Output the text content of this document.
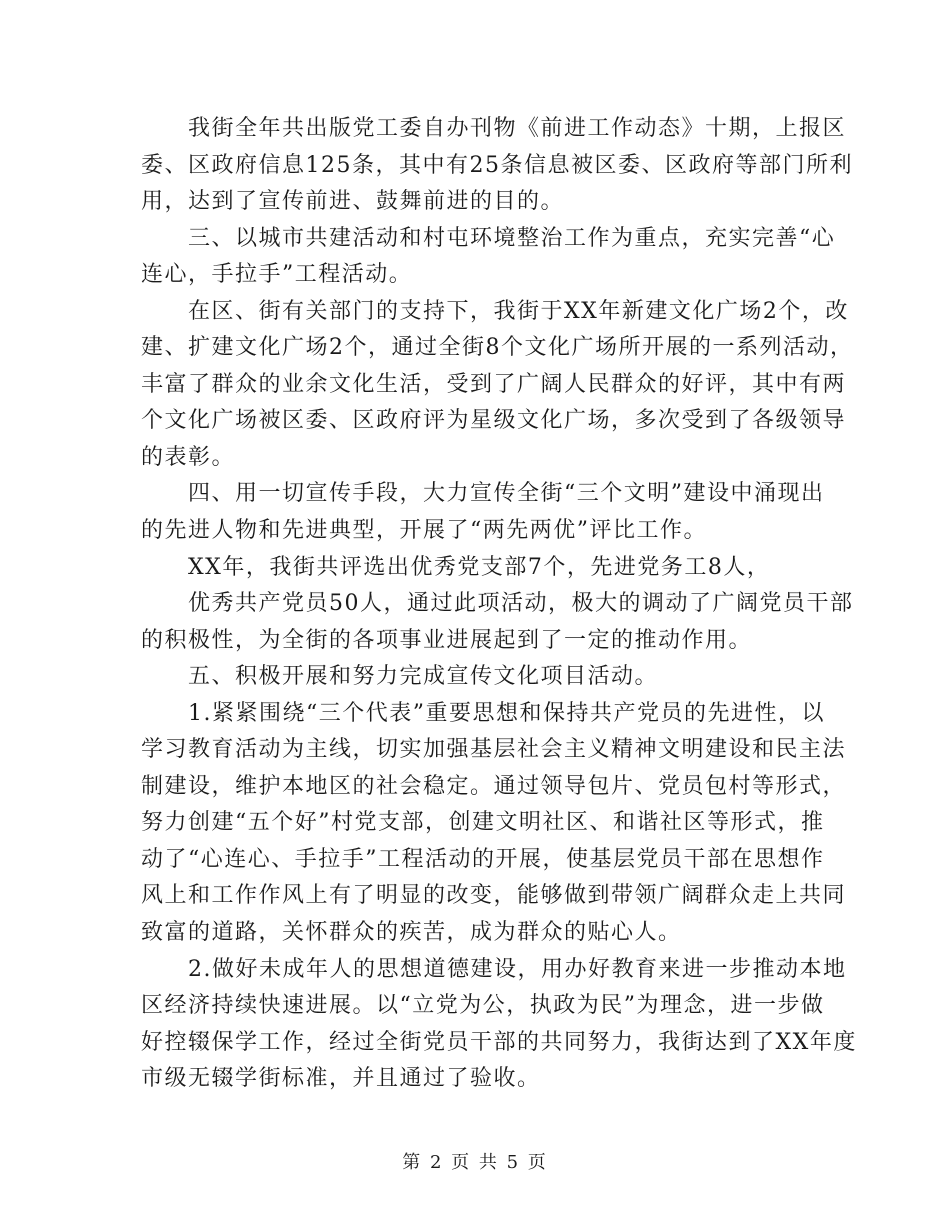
我街全年共出版党工委自办刊物《前进工作动态》十期，上报区
委、区政府信息125条，其中有25条信息被区委、区政府等部门所利
用，达到了宣传前进、鼓舞前进的目的。
三、以城市共建活动和村屯环境整治工作为重点，充实完善“心
连心，手拉手”工程活动。
在区、街有关部门的支持下，我街于XX年新建文化广场2个，改
建、扩建文化广场2个，通过全街8个文化广场所开展的一系列活动，
丰富了群众的业余文化生活，受到了广阔人民群众的好评，其中有两
个文化广场被区委、区政府评为星级文化广场，多次受到了各级领导
的表彰。
四、用一切宣传手段，大力宣传全街“三个文明”建设中涌现出
的先进人物和先进典型，开展了“两先两优”评比工作。
XX年，我街共评选出优秀党支部7个，先进党务工8人，
优秀共产党员50人，通过此项活动，极大的调动了广阔党员干部
的积极性，为全街的各项事业进展起到了一定的推动作用。
五、积极开展和努力完成宣传文化项目活动。
1.紧紧围绕“三个代表”重要思想和保持共产党员的先进性，以
学习教育活动为主线，切实加强基层社会主义精神文明建设和民主法
制建设，维护本地区的社会稳定。通过领导包片、党员包村等形式，
努力创建“五个好”村党支部，创建文明社区、和谐社区等形式，推
动了“心连心、手拉手”工程活动的开展，使基层党员干部在思想作
风上和工作作风上有了明显的改变，能够做到带领广阔群众走上共同
致富的道路，关怀群众的疾苦，成为群众的贴心人。
2.做好未成年人的思想道德建设，用办好教育来进一步推动本地
区经济持续快速进展。以“立党为公，执政为民”为理念，进一步做
好控辍保学工作，经过全街党员干部的共同努力，我街达到了XX年度
市级无辍学街标准，并且通过了验收。
第 2 页 共 5 页
